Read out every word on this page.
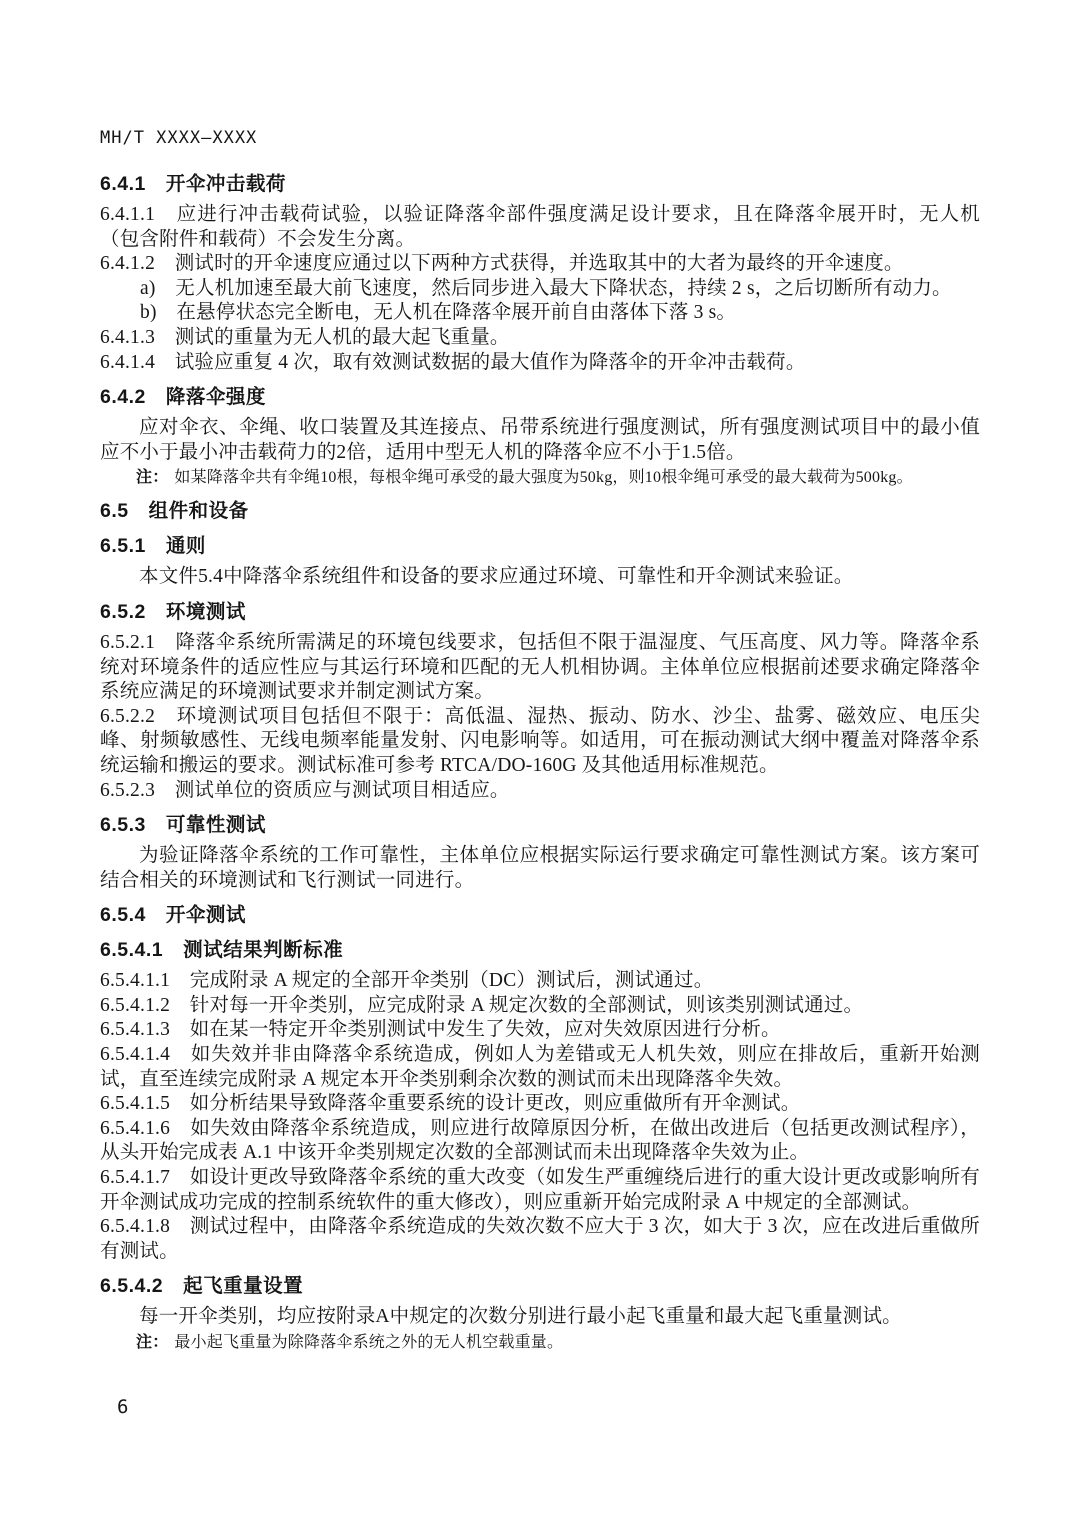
MH/T XXXX—XXXX
6.4.1　开伞冲击载荷
6.4.1.1　应进行冲击载荷试验，以验证降落伞部件强度满足设计要求，且在降落伞展开时，无人机（包含附件和载荷）不会发生分离。
6.4.1.2　测试时的开伞速度应通过以下两种方式获得，并选取其中的大者为最终的开伞速度。
a)　无人机加速至最大前飞速度，然后同步进入最大下降状态，持续 2 s，之后切断所有动力。
b)　在悬停状态完全断电，无人机在降落伞展开前自由落体下落 3 s。
6.4.1.3　测试的重量为无人机的最大起飞重量。
6.4.1.4　试验应重复 4 次，取有效测试数据的最大值作为降落伞的开伞冲击载荷。
6.4.2　降落伞强度
应对伞衣、伞绳、收口装置及其连接点、吊带系统进行强度测试，所有强度测试项目中的最小值应不小于最小冲击载荷力的2倍，适用中型无人机的降落伞应不小于1.5倍。
注： 如某降落伞共有伞绳10根，每根伞绳可承受的最大强度为50kg，则10根伞绳可承受的最大载荷为500kg。
6.5　组件和设备
6.5.1　通则
本文件5.4中降落伞系统组件和设备的要求应通过环境、可靠性和开伞测试来验证。
6.5.2　环境测试
6.5.2.1　降落伞系统所需满足的环境包线要求，包括但不限于温湿度、气压高度、风力等。降落伞系统对环境条件的适应性应与其运行环境和匹配的无人机相协调。主体单位应根据前述要求确定降落伞系统应满足的环境测试要求并制定测试方案。
6.5.2.2　环境测试项目包括但不限于：高低温、湿热、振动、防水、沙尘、盐雾、磁效应、电压尖峰、射频敏感性、无线电频率能量发射、闪电影响等。如适用，可在振动测试大纲中覆盖对降落伞系统运输和搬运的要求。测试标准可参考 RTCA/DO-160G 及其他适用标准规范。
6.5.2.3　测试单位的资质应与测试项目相适应。
6.5.3　可靠性测试
为验证降落伞系统的工作可靠性，主体单位应根据实际运行要求确定可靠性测试方案。该方案可结合相关的环境测试和飞行测试一同进行。
6.5.4　开伞测试
6.5.4.1　测试结果判断标准
6.5.4.1.1　完成附录 A 规定的全部开伞类别（DC）测试后，测试通过。
6.5.4.1.2　针对每一开伞类别，应完成附录 A 规定次数的全部测试，则该类别测试通过。
6.5.4.1.3　如在某一特定开伞类别测试中发生了失效，应对失效原因进行分析。
6.5.4.1.4　如失效并非由降落伞系统造成，例如人为差错或无人机失效，则应在排故后，重新开始测试，直至连续完成附录 A 规定本开伞类别剩余次数的测试而未出现降落伞失效。
6.5.4.1.5　如分析结果导致降落伞重要系统的设计更改，则应重做所有开伞测试。
6.5.4.1.6　如失效由降落伞系统造成，则应进行故障原因分析，在做出改进后（包括更改测试程序），从头开始完成表 A.1 中该开伞类别规定次数的全部测试而未出现降落伞失效为止。
6.5.4.1.7　如设计更改导致降落伞系统的重大改变（如发生严重缠绕后进行的重大设计更改或影响所有开伞测试成功完成的控制系统软件的重大修改），则应重新开始完成附录 A 中规定的全部测试。
6.5.4.1.8　测试过程中，由降落伞系统造成的失效次数不应大于 3 次，如大于 3 次，应在改进后重做所有测试。
6.5.4.2　起飞重量设置
每一开伞类别，均应按附录A中规定的次数分别进行最小起飞重量和最大起飞重量测试。
注： 最小起飞重量为除降落伞系统之外的无人机空载重量。
6
